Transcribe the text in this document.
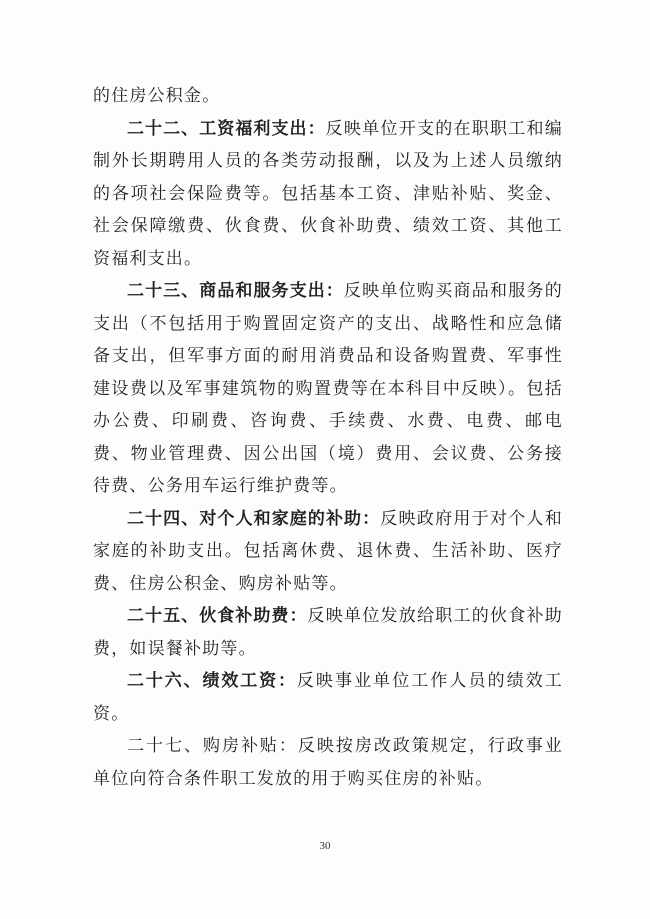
的住房公积金。

二十二、工资福利支出：反映单位开支的在职职工和编制外长期聘用人员的各类劳动报酬，以及为上述人员缴纳的各项社会保险费等。包括基本工资、津贴补贴、奖金、社会保障缴费、伙食费、伙食补助费、绩效工资、其他工资福利支出。

二十三、商品和服务支出：反映单位购买商品和服务的支出（不包括用于购置固定资产的支出、战略性和应急储备支出，但军事方面的耐用消费品和设备购置费、军事性建设费以及军事建筑物的购置费等在本科目中反映）。包括办公费、印刷费、咨询费、手续费、水费、电费、邮电费、物业管理费、因公出国（境）费用、会议费、公务接待费、公务用车运行维护费等。

二十四、对个人和家庭的补助：反映政府用于对个人和家庭的补助支出。包括离休费、退休费、生活补助、医疗费、住房公积金、购房补贴等。

二十五、伙食补助费：反映单位发放给职工的伙食补助费，如误餐补助等。

二十六、绩效工资：反映事业单位工作人员的绩效工资。

二十七、购房补贴：反映按房改政策规定，行政事业单位向符合条件职工发放的用于购买住房的补贴。

30
